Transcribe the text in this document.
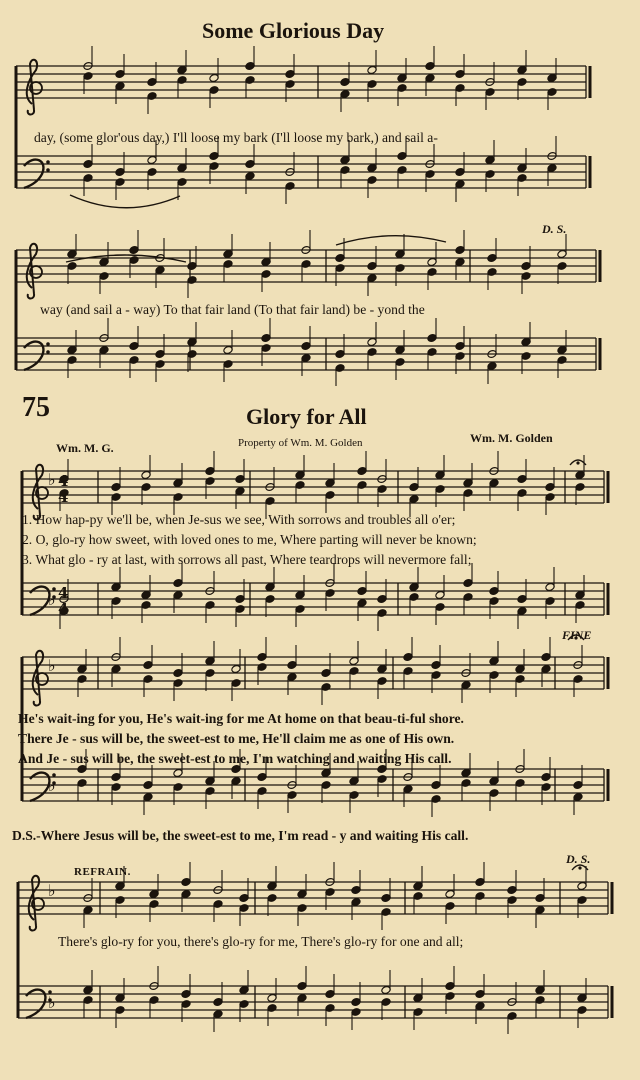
♭
♭
♭
♭
♭
♭
4
4
4
4
Some Glorious Day
day, (some glor'ous day,) I'll loose my bark (I'll loose my bark,) and sail a-
D. S.
way (and sail a - way) To that fair land (To that fair land) be - yond the
75	Glory for All
Wm. M. G.	Property of Wm. M. Golden	Wm. M. Golden
1. How hap-py we'll be, when Je-sus we see, With sorrows and troubles all o'er;
2. O, glo-ry how sweet, with loved ones to me, Where parting will never be known;
3. What glo - ry at last, with sorrows all past, Where teardrops will nevermore fall;
FINE
He's wait-ing for you, He's wait-ing for me At home on that beau-ti-ful shore.
There Je - sus will be, the sweet-est to me, He'll claim me as one of His own.
And Je - sus will be, the sweet-est to me, I'm watching and waiting His call.
D.S.-Where Jesus will be, the sweet-est to me, I'm read - y and waiting His call.
REFRAIN.
D. S.
There's glo-ry for you, there's glo-ry for me, There's glo-ry for one and all;
